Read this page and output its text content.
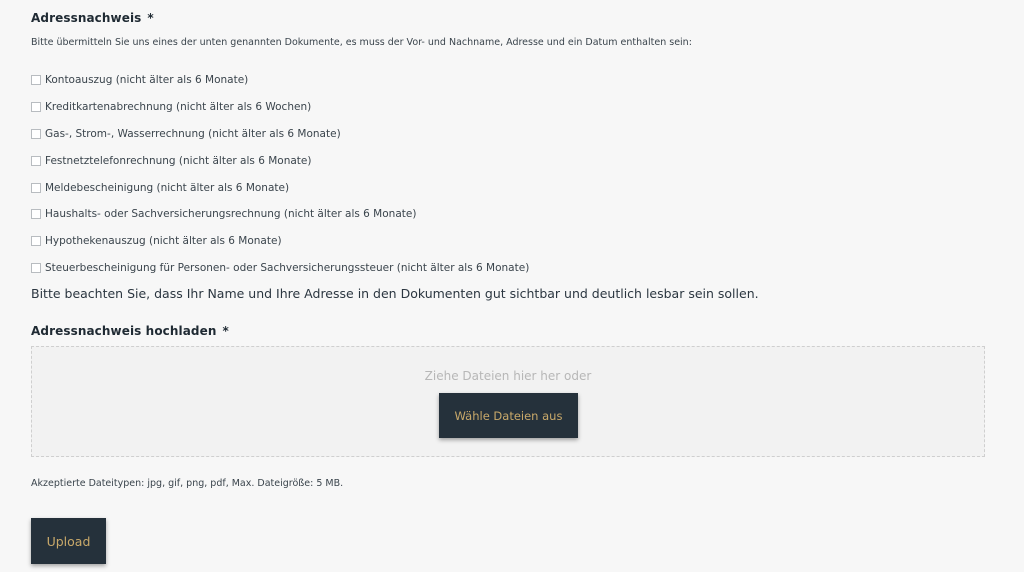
Adressnachweis *
Bitte übermitteln Sie uns eines der unten genannten Dokumente, es muss der Vor- und Nachname, Adresse und ein Datum enthalten sein:
Kontoauszug (nicht älter als 6 Monate)
Kreditkartenabrechnung (nicht älter als 6 Wochen)
Gas-, Strom-, Wasserrechnung (nicht älter als 6 Monate)
Festnetztelefonrechnung (nicht älter als 6 Monate)
Meldebescheinigung (nicht älter als 6 Monate)
Haushalts- oder Sachversicherungsrechnung (nicht älter als 6 Monate)
Hypothekenauszug (nicht älter als 6 Monate)
Steuerbescheinigung für Personen- oder Sachversicherungssteuer (nicht älter als 6 Monate)
Bitte beachten Sie, dass Ihr Name und Ihre Adresse in den Dokumenten gut sichtbar und deutlich lesbar sein sollen.
Adressnachweis hochladen *
Ziehe Dateien hier her oder
Wähle Dateien aus
Akzeptierte Dateitypen: jpg, gif, png, pdf, Max. Dateigröße: 5 MB.
Upload
